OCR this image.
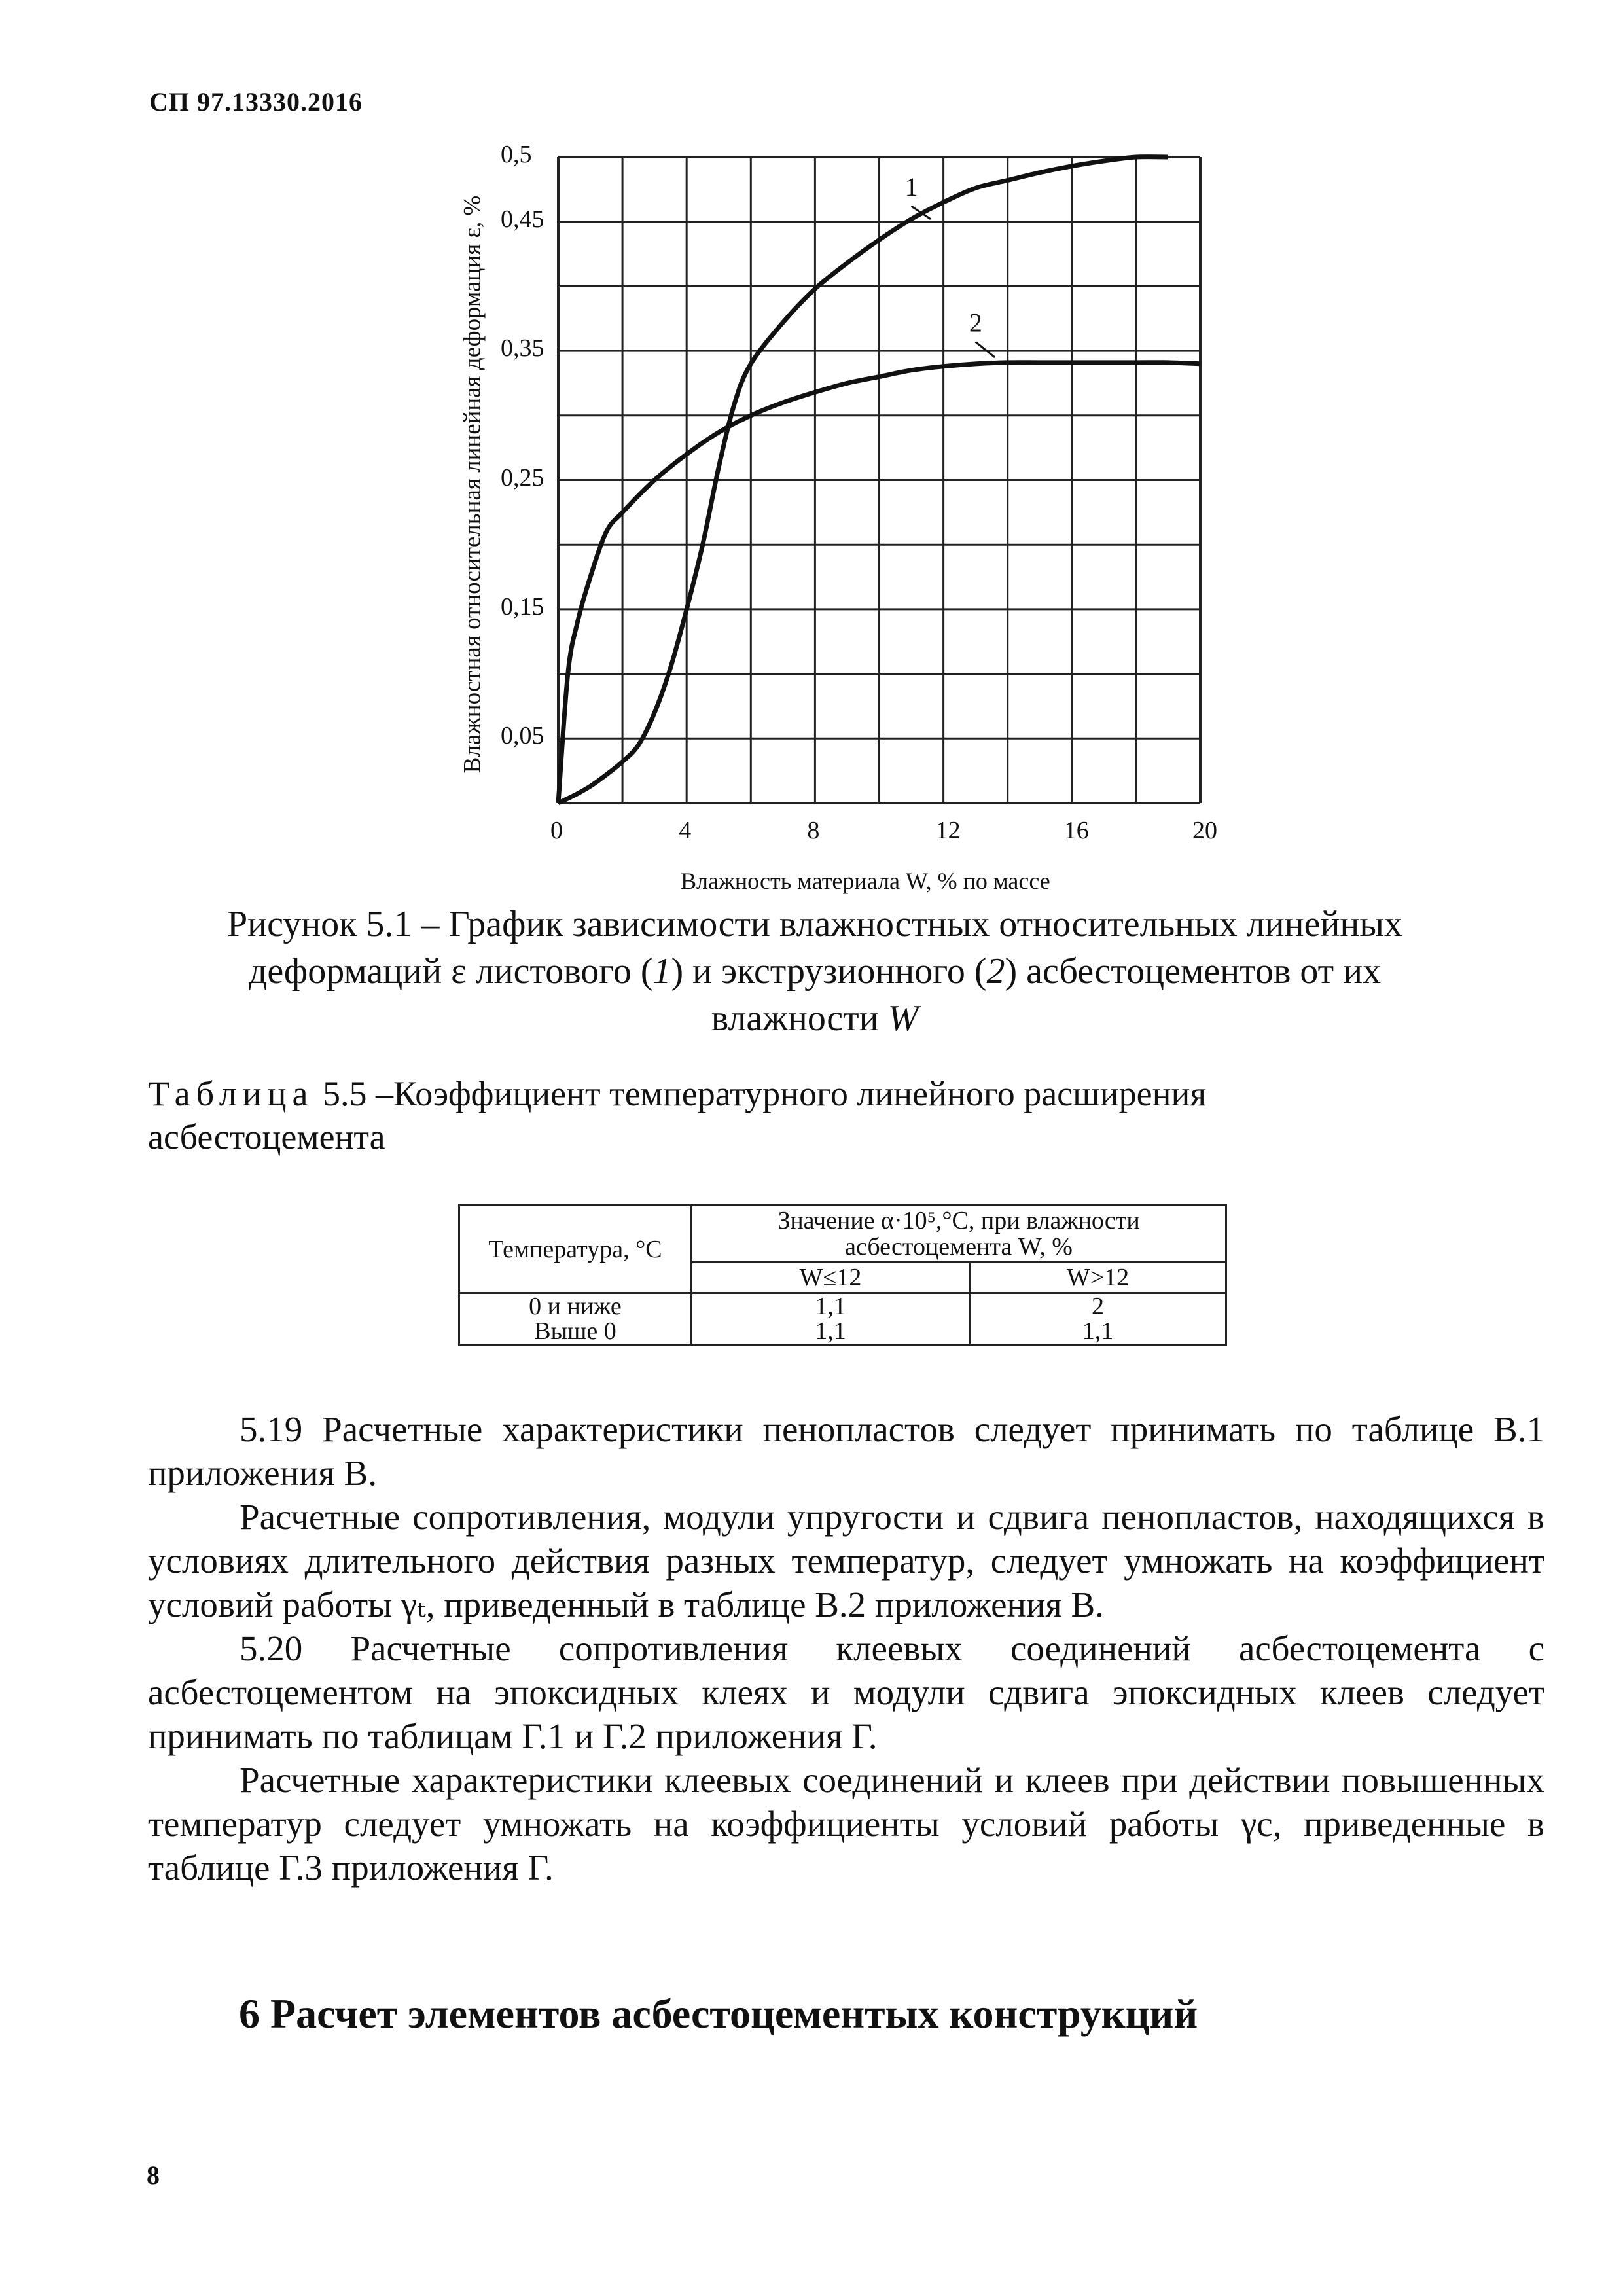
СП 97.13330.2016
1
2
0	4	8	12	16	20
0,05
0,15
0,25
0,35
0,45
0,5
Влажностная относительная линейная деформация ε, %
Влажность материала W, % по массе
Рисунок 5.1 – График зависимости влажностных относительных линейных
деформаций ε листового (1) и экструзионного (2) асбестоцементов от их
влажности W
Таблица 5.5 –Коэффициент температурного линейного расширения асбестоцемента
Температура, °С	Значение α·10⁵,°С, при влажности
асбестоцемента W, %	

	W≤12	W>12
0 и ниже	1,1	2
Выше 0	1,1	1,1

5.19 Расчетные характеристики пенопластов следует принимать по таблице В.1 приложения В.

Расчетные сопротивления, модули упругости и сдвига пенопластов, находящихся в условиях длительного действия разных температур, следует умножать на коэффициент условий работы γₜ, приведенный в таблице В.2 приложения В.

5.20 Расчетные сопротивления клеевых соединений асбестоцемента с асбестоцементом на эпоксидных клеях и модули сдвига эпоксидных клеев следует принимать по таблицам Г.1 и Г.2 приложения Г.

Расчетные характеристики клеевых соединений и клеев при действии повышенных температур следует умножать на коэффициенты условий работы γc, приведенные в таблице Г.3 приложения Г.

6 Расчет элементов асбестоцементых конструкций
8
